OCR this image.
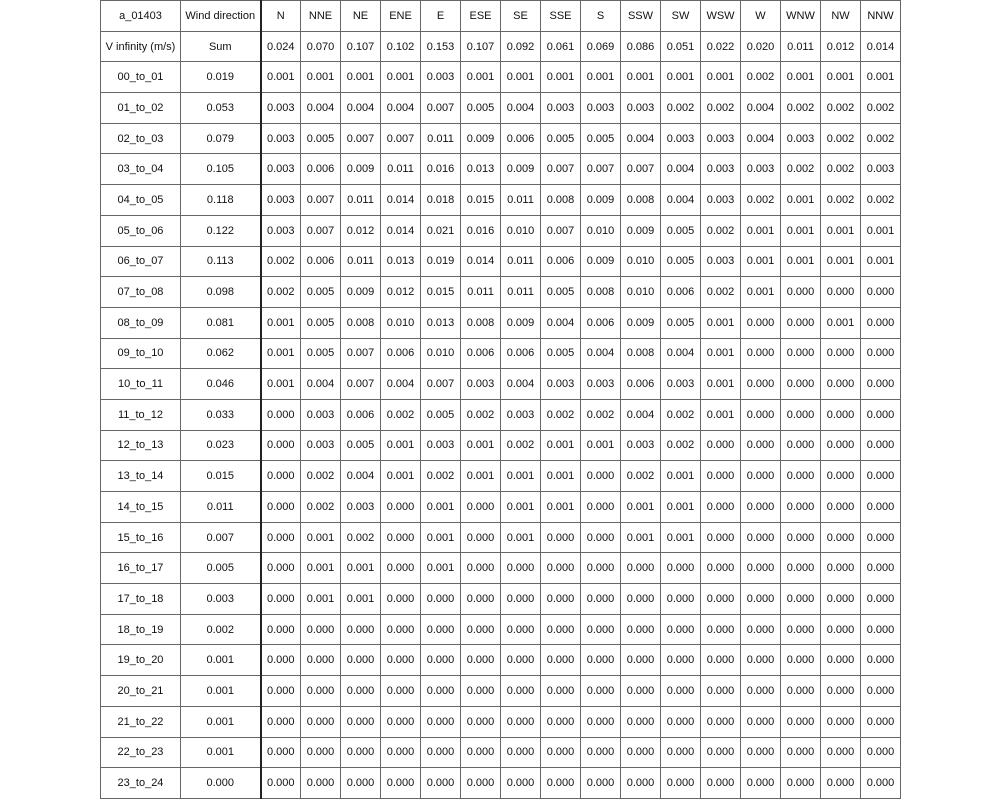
a_01403	Wind direction	N	NNE	NE	ENE	E	ESE	SE	SSE	S	SSW	SW	WSW	W	WNW	NW	NNW
V infinity (m/s)	Sum	0.024	0.070	0.107	0.102	0.153	0.107	0.092	0.061	0.069	0.086	0.051	0.022	0.020	0.011	0.012	0.014
00_to_01	0.019	0.001	0.001	0.001	0.001	0.003	0.001	0.001	0.001	0.001	0.001	0.001	0.001	0.002	0.001	0.001	0.001
01_to_02	0.053	0.003	0.004	0.004	0.004	0.007	0.005	0.004	0.003	0.003	0.003	0.002	0.002	0.004	0.002	0.002	0.002
02_to_03	0.079	0.003	0.005	0.007	0.007	0.011	0.009	0.006	0.005	0.005	0.004	0.003	0.003	0.004	0.003	0.002	0.002
03_to_04	0.105	0.003	0.006	0.009	0.011	0.016	0.013	0.009	0.007	0.007	0.007	0.004	0.003	0.003	0.002	0.002	0.003
04_to_05	0.118	0.003	0.007	0.011	0.014	0.018	0.015	0.011	0.008	0.009	0.008	0.004	0.003	0.002	0.001	0.002	0.002
05_to_06	0.122	0.003	0.007	0.012	0.014	0.021	0.016	0.010	0.007	0.010	0.009	0.005	0.002	0.001	0.001	0.001	0.001
06_to_07	0.113	0.002	0.006	0.011	0.013	0.019	0.014	0.011	0.006	0.009	0.010	0.005	0.003	0.001	0.001	0.001	0.001
07_to_08	0.098	0.002	0.005	0.009	0.012	0.015	0.011	0.011	0.005	0.008	0.010	0.006	0.002	0.001	0.000	0.000	0.000
08_to_09	0.081	0.001	0.005	0.008	0.010	0.013	0.008	0.009	0.004	0.006	0.009	0.005	0.001	0.000	0.000	0.001	0.000
09_to_10	0.062	0.001	0.005	0.007	0.006	0.010	0.006	0.006	0.005	0.004	0.008	0.004	0.001	0.000	0.000	0.000	0.000
10_to_11	0.046	0.001	0.004	0.007	0.004	0.007	0.003	0.004	0.003	0.003	0.006	0.003	0.001	0.000	0.000	0.000	0.000
11_to_12	0.033	0.000	0.003	0.006	0.002	0.005	0.002	0.003	0.002	0.002	0.004	0.002	0.001	0.000	0.000	0.000	0.000
12_to_13	0.023	0.000	0.003	0.005	0.001	0.003	0.001	0.002	0.001	0.001	0.003	0.002	0.000	0.000	0.000	0.000	0.000
13_to_14	0.015	0.000	0.002	0.004	0.001	0.002	0.001	0.001	0.001	0.000	0.002	0.001	0.000	0.000	0.000	0.000	0.000
14_to_15	0.011	0.000	0.002	0.003	0.000	0.001	0.000	0.001	0.001	0.000	0.001	0.001	0.000	0.000	0.000	0.000	0.000
15_to_16	0.007	0.000	0.001	0.002	0.000	0.001	0.000	0.001	0.000	0.000	0.001	0.001	0.000	0.000	0.000	0.000	0.000
16_to_17	0.005	0.000	0.001	0.001	0.000	0.001	0.000	0.000	0.000	0.000	0.000	0.000	0.000	0.000	0.000	0.000	0.000
17_to_18	0.003	0.000	0.001	0.001	0.000	0.000	0.000	0.000	0.000	0.000	0.000	0.000	0.000	0.000	0.000	0.000	0.000
18_to_19	0.002	0.000	0.000	0.000	0.000	0.000	0.000	0.000	0.000	0.000	0.000	0.000	0.000	0.000	0.000	0.000	0.000
19_to_20	0.001	0.000	0.000	0.000	0.000	0.000	0.000	0.000	0.000	0.000	0.000	0.000	0.000	0.000	0.000	0.000	0.000
20_to_21	0.001	0.000	0.000	0.000	0.000	0.000	0.000	0.000	0.000	0.000	0.000	0.000	0.000	0.000	0.000	0.000	0.000
21_to_22	0.001	0.000	0.000	0.000	0.000	0.000	0.000	0.000	0.000	0.000	0.000	0.000	0.000	0.000	0.000	0.000	0.000
22_to_23	0.001	0.000	0.000	0.000	0.000	0.000	0.000	0.000	0.000	0.000	0.000	0.000	0.000	0.000	0.000	0.000	0.000
23_to_24	0.000	0.000	0.000	0.000	0.000	0.000	0.000	0.000	0.000	0.000	0.000	0.000	0.000	0.000	0.000	0.000	0.000
